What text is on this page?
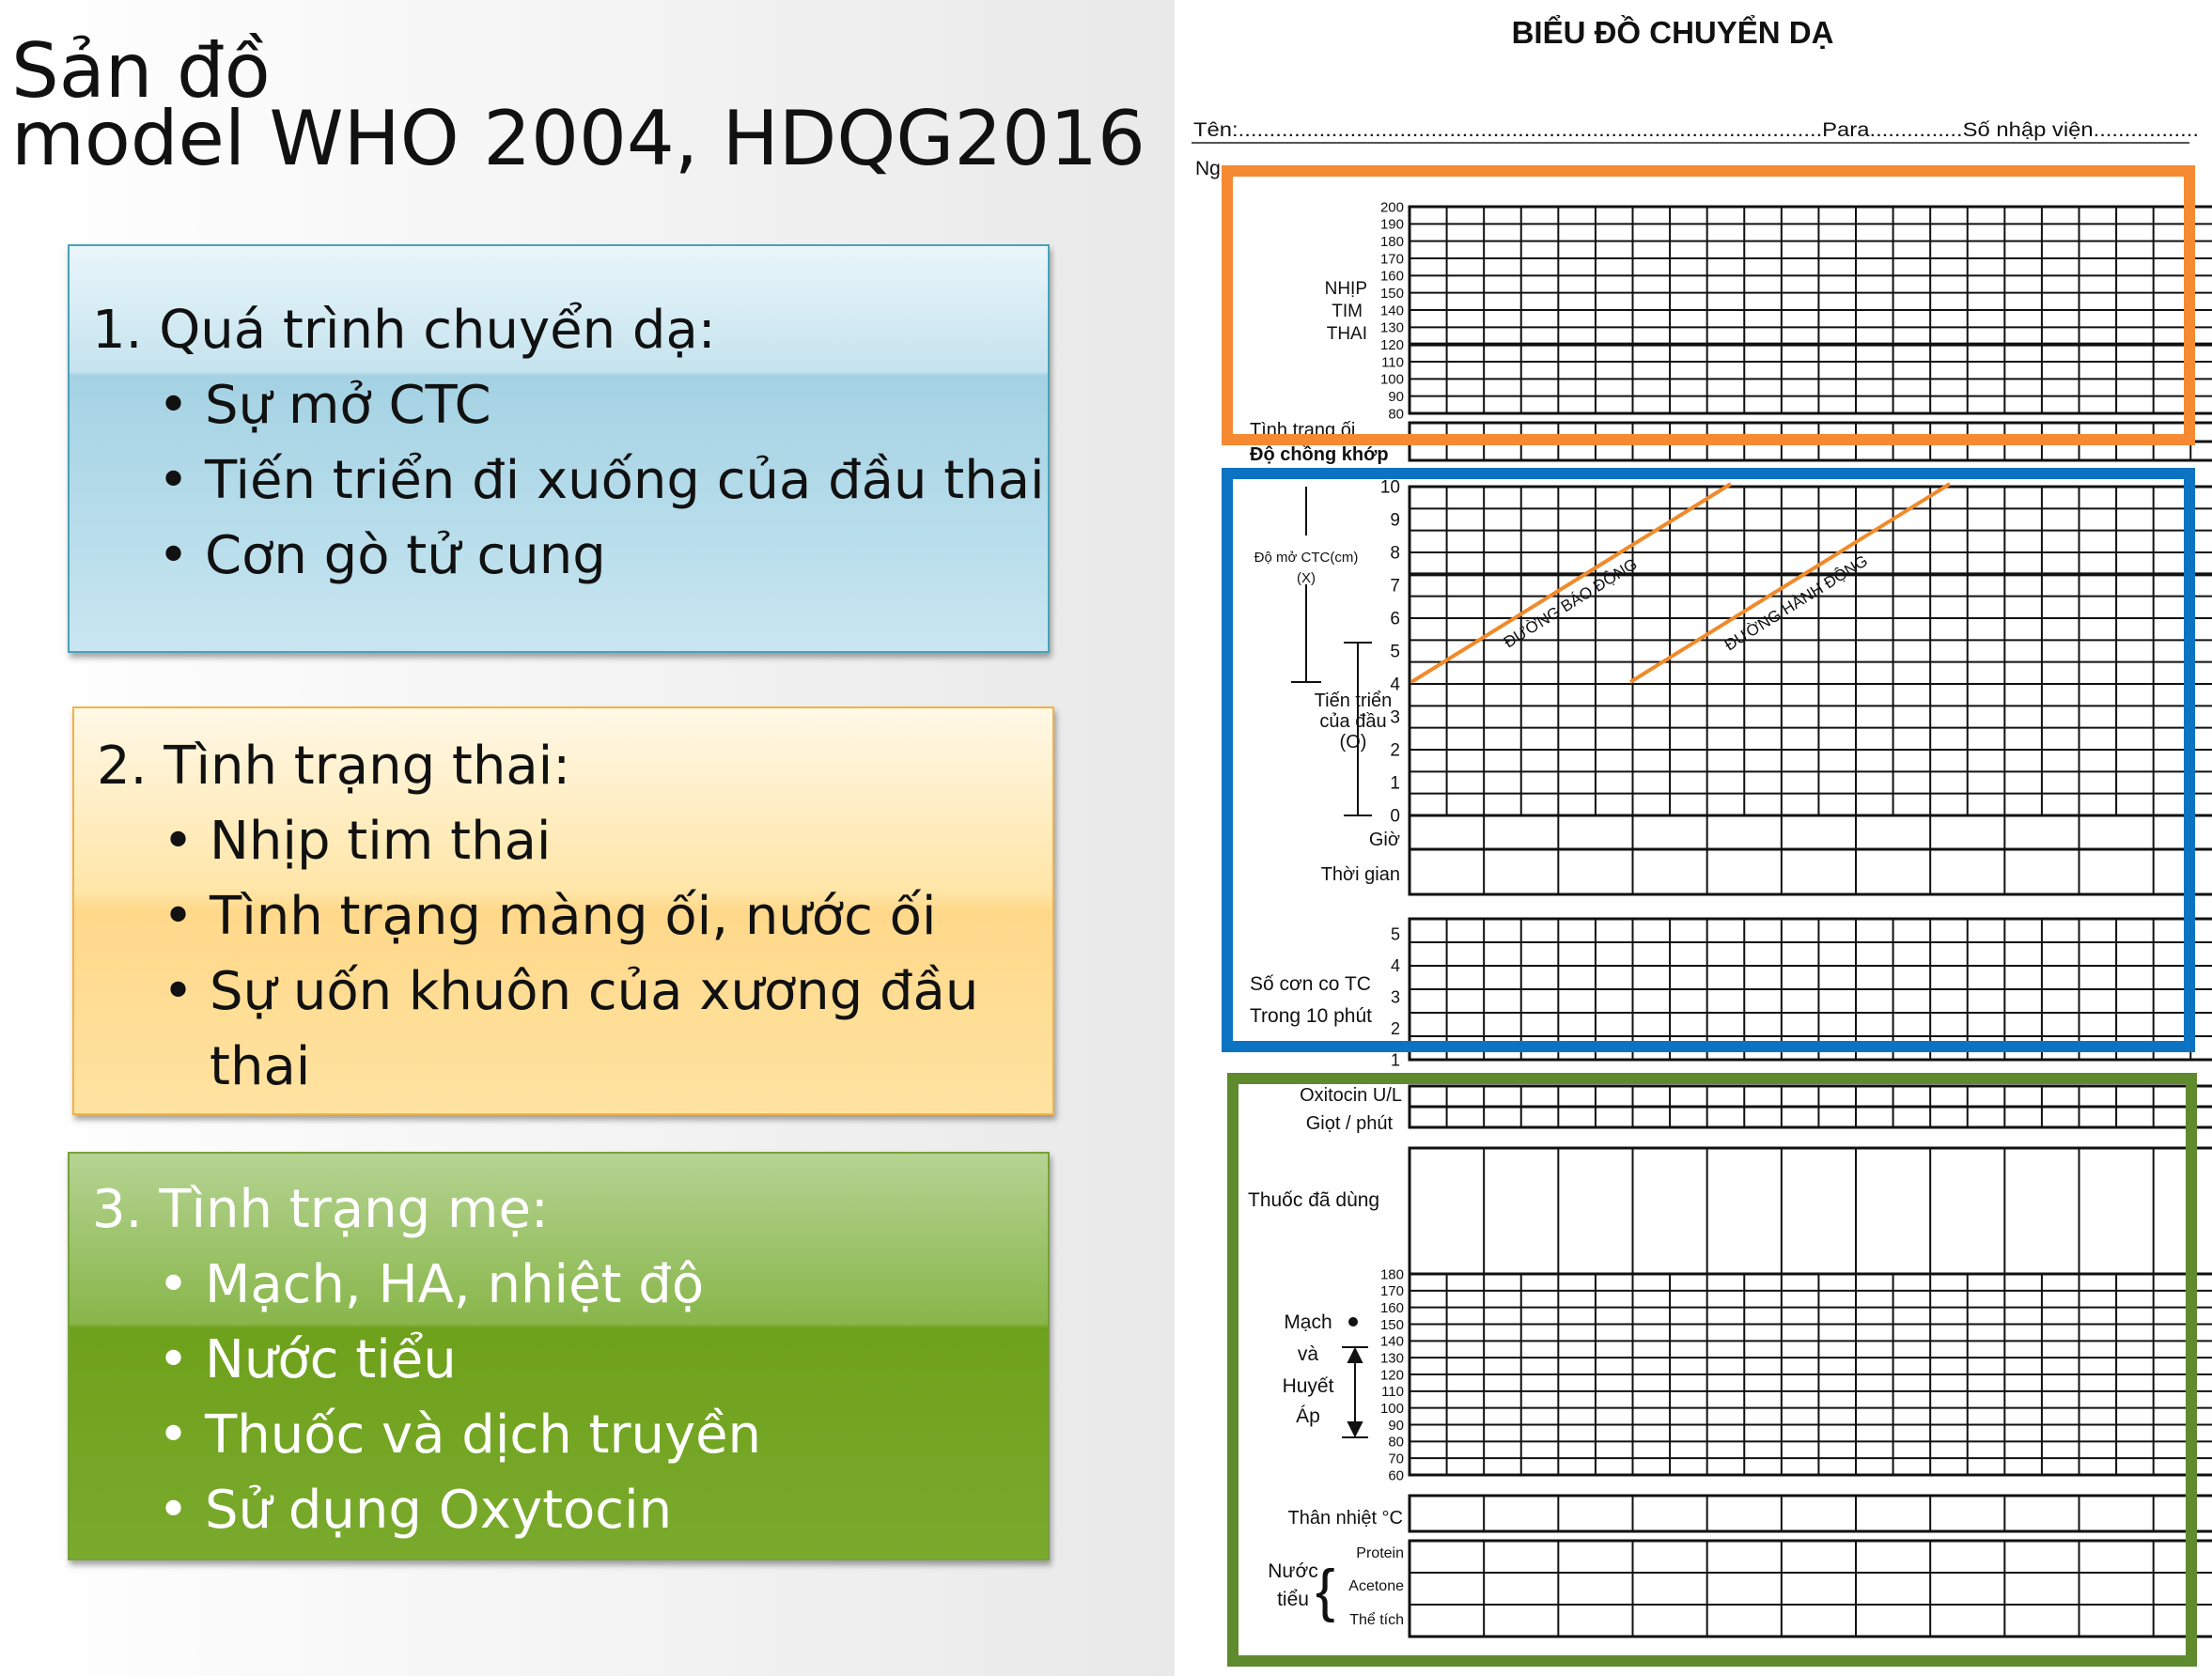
Sản đồ
model WHO 2004, HDQG2016
1. Quá trình chuyển dạ:
• Sự mở CTC
• Tiến triển đi xuống của đầu thai
• Cơn gò tử cung
2. Tình trạng thai:
• Nhịp tim thai
• Tình trạng màng ối, nước ối
• Sự uốn khuôn của xương đầu
thai
3. Tình trạng mẹ:
• Mạch, HA, nhiệt độ
• Nước tiểu
• Thuốc và dịch truyền
• Sử dụng Oxytocin
BIỂU ĐỒ CHUYỂN DẠ
Tên:..............................................................................................Para...............Số nhập viện.................
Ng
200
190
180
170
160
150
140
130
120
110
100
90
80
10
9
8
7
6
5
4
3
2
1
0
5
4
3
2
1
180
170
160
150
140
130
120
110
100
90
80
70
60
ĐƯỜNG BÁO ĐỘNG	ĐƯỜNG HÀNH ĐỘNG
NHỊP
TIM
THAI
Tình trạng ối
Độ chồng khớp
Độ mở CTC(cm)
(X)
Tiến triển
của đầu
(O)
Giờ
Thời gian
Số cơn co TC
Trong 10 phút
Oxitocin U/L
Giọt / phút
Thuốc đã dùng
Mạch
và
Huyết
Áp
Thân nhiệt °C
Nước
tiểu {
Protein
Acetone
Thể tích
